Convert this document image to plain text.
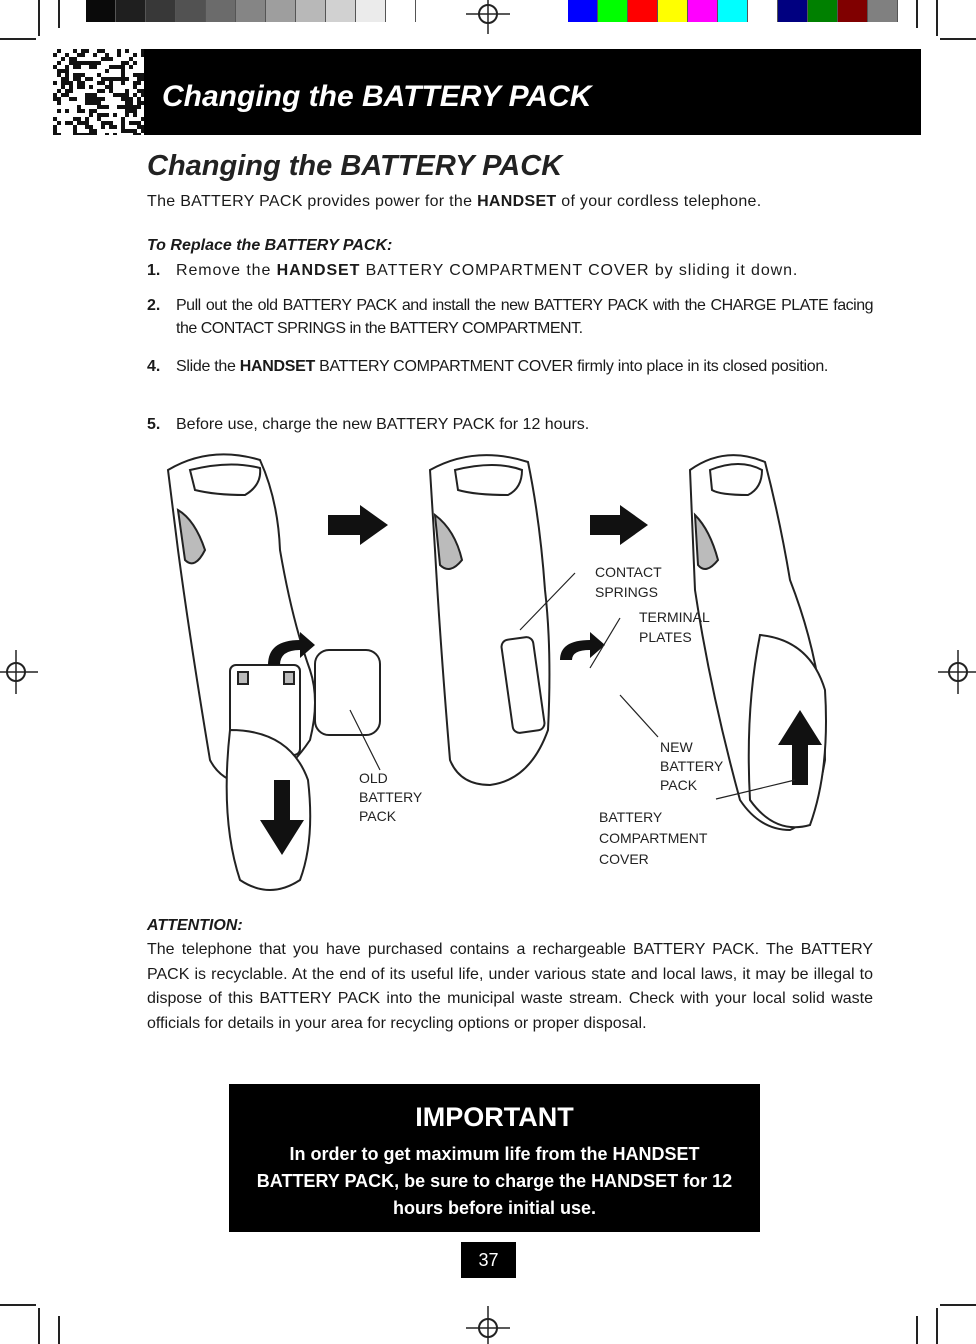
Changing the BATTERY PACK
Changing the BATTERY PACK
The BATTERY PACK provides power for the HANDSET of your cordless telephone.
To Replace the BATTERY PACK:
1. Remove the HANDSET BATTERY COMPARTMENT COVER by sliding it down.
2. Pull out the old BATTERY PACK and install the new BATTERY PACK with the CHARGE PLATE facing the CONTACT SPRINGS in the BATTERY COMPARTMENT.
4. Slide the HANDSET BATTERY COMPARTMENT COVER firmly into place in its closed position.
5. Before use, charge the new BATTERY PACK for 12 hours.
CONTACT
SPRINGS
TERMINAL
PLATES
OLD
BATTERY
PACK
NEW
BATTERY
PACK
BATTERY
COMPARTMENT
COVER
ATTENTION:
The telephone that you have purchased contains a rechargeable BATTERY PACK. The BATTERY PACK is recyclable. At the end of its useful life, under various state and local laws, it may be illegal to dispose of this BATTERY PACK into the municipal waste stream. Check with your local solid waste officials for details in your area for recycling options or proper disposal.
IMPORTANT
In order to get maximum life from the HANDSET BATTERY PACK, be sure to charge the HANDSET for 12 hours before initial use.
37
